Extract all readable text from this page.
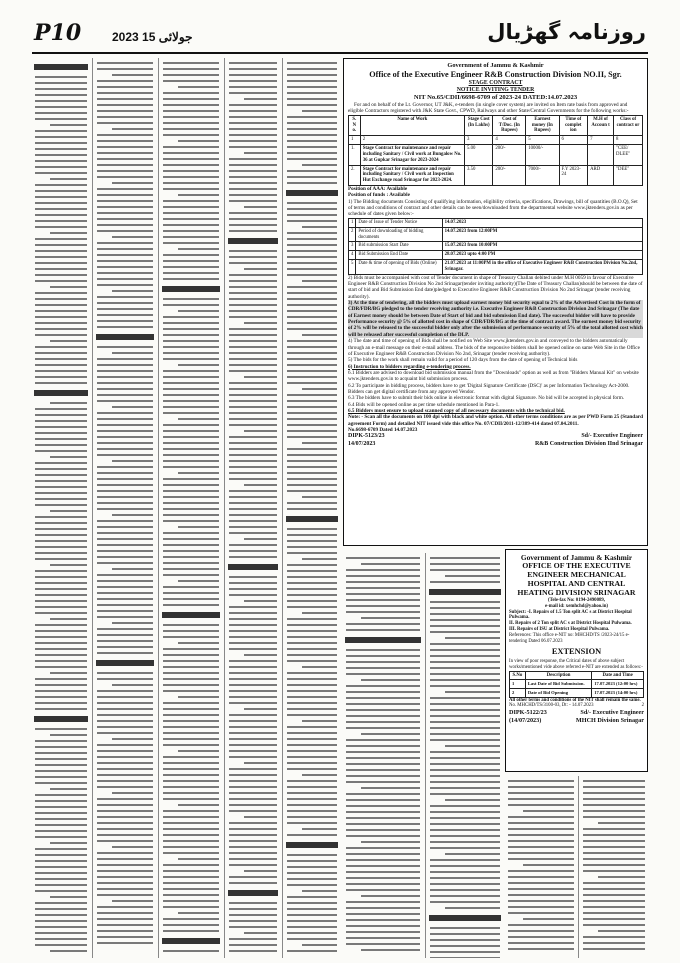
P10	2023 15 جولائی	روزنامہ گھڑیال
Government of Jammu & Kashmir
Office of the Executive Engineer R&B Construction Division NO.II, Sgr.
STAGE CONTRACT
NOTICE INVITING TENDER
NIT No.65/CDII/6698-6709 of 2023-24 DATED:14.07.2023
For and on behalf of the Lt. Governor, UT J&K, e-tenders (in single cover system) are invited on Item rate basis from approved and eligible Contractors registered with J&K State Govt., CPWD, Railways and other State/Central Governments for the following works:-
S. N o.	Name of Work	Stage Cost (In Lakhs)	Cost of T/Doc. (In Rupees)	Earnest money (In Rupees)	Time of complet ion	M.H of Accoun t	Class of contract or
1	2	3	4	5	6	7	8
1.	Stage Contract for maintenance and repair including Sanitary / Civil work at Bungalow No. 36 at Gupkar Srinagar for 2023-2024	5.00	200/-	10000/-			"CEE/ DLEE"
2.	Stage Contract for maintenance and repair including Sanitary / Civil work at Inspection Hut Exchange road Srinagar for 2023-2024.	3.50	200/-	7000/-	F.Y 2023-24	ARD	"DEE"
Position of AAA: Available
Position of funds : Available
1) The Bidding documents Consisting of qualifying information, eligibility criteria, specifications, Drawings, bill of quantities (B.O.Q), Set of terms and conditions of contract and other details can be seen/downloaded from the departmental website www.jktenders.gov.in as per schedule of dates given below:-
1	Date of Issue of Tender Notice	14.07.2023
2	Period of downloading of bidding documents	14.07.2023 from 12:00PM
3	Bid submission Start Date	15.07.2023 from 10:00PM
4	Bid Submission End Date	28.07.2023 upto 4:00 PM
5	Date & time of opening of Bids (Online)	21.07.2023 at 11:00PM in the office of Executive Engineer R&B Construction Division No.2nd, Srinagar.
2) Bids must be accompanied with cost of Tender document in shape of Treasury Challan debited under M.H 0059 in favour of Executive Engineer R&B Construction Division No 2nd Srinagar(tender inviting authority)(The Date of Treasury Challan)should be between the date of start of bid and Bid Submission End date)pledged to Executive Engineer R&B Construction Division No 2nd Srinagar (tender receiving authority).
3) At the time of tendering, all the bidders must upload earnest money bid security equal to 2% of the Advertised Cost in the form of CDR/FDR/BG pledged to the tender receiving authority i.e. Executive Engineer R&B Construction Division 2nd Srinagar (The date of Earnest money should be between Date of Start of bid and bid submission End date). The successful bidder will have to provide Performance security @ 5% of allotted cost in shape of CDR/FDR/BG at the time of contract award. The earnest money bid security of 2% will be released to the successful bidder only after the submission of performance security of 5% of the total allotted cost which will be released after successful completion of the DLP.
4) The date and time of opening of Bids shall be notified on Web Site www.jktenders.gov.in and conveyed to the bidders automatically through an e-mail message on their e-mail address. The bids of the responsive bidders shall be opened online on same Web Site in the Office of Executive Engineer R&B Construction Division No 2nd, Srinagar (tender receiving authority).
5) The bids for the work shall remain valid for a period of 120 days from the date of opening of Technical bids
6) Instruction to bidders regarding e-tendering process.
6.1 Bidders are advised to download bid submission manual from the "Downloads" option as well as from "Bidders Manual Kit" on website www.jktenders.gov.in to acquaint bid submission process.
6.2 To participate in bidding process, bidders have to get 'Digital Signature Certificate (DSC)' as per Information Technology Act-2000. Bidders can get digital certificate from any approved Vendor.
6.3 The bidders have to submit their bids online in electronic format with digital Signature. No bid will be accepted in physical form.
6.4 Bids will be opened online as per time schedule mentioned in Para-1.
6.5 Bidders must ensure to upload scanned copy of all necessary documents with the technical bid.
Note: - Scan all the documents on 100 dpi with black and white option. All other terms conditions are as per PWD Form 25 (Standard agreement Form) and detailed NIT issued vide this office No. 07/CDII/2011-12/389-414 dated 07.04.2011.
No.6698-6709 Dated 14.07.2023
DIPK-5123/23	Sd/- Executive Engineer
14/07/2023	R&B Construction Division IInd Srinagar
Government of Jammu & Kashmir
OFFICE OF THE EXECUTIVE ENGINEER MECHANICAL HOSPITAL AND CENTRAL HEATING DIVISION SRINAGAR
(Tele-fax No: 0194-2490089,
e-mail id: xemhchd@yahoo.in)
Subject: -I. Repairs of 1.5 Ton split AC s at District Hospital Pulwama.
II. Repairs of 2 Ton split AC s at District Hospital Pulwama.
III. Repairs of ISU at District Hospital Pulwama.
References: This office e-NIT no: MHCHD/TS /2023-24/15 e-tendering Dated 06.07.2023
EXTENSION
In view of poor response, the Critical dates of above subject works/mentioned vide above referred e-NIT are extended as follows:-
S.No	Description	Date and Time
1	Last Date of Bid Submission.	17.07.2023 (12:00 hrs)
2	Date of Bid Opening	17.07.2023 (14:00 hrs)
All other terms and conditions of the NIT shall remain the same.
No. MHCHD/TS/3100-03, Dt: - 14.07.2023	2
DIPK-5122/23	Sd/- Executive Engineer
(14/07/2023)	MHCH Division Srinagar
